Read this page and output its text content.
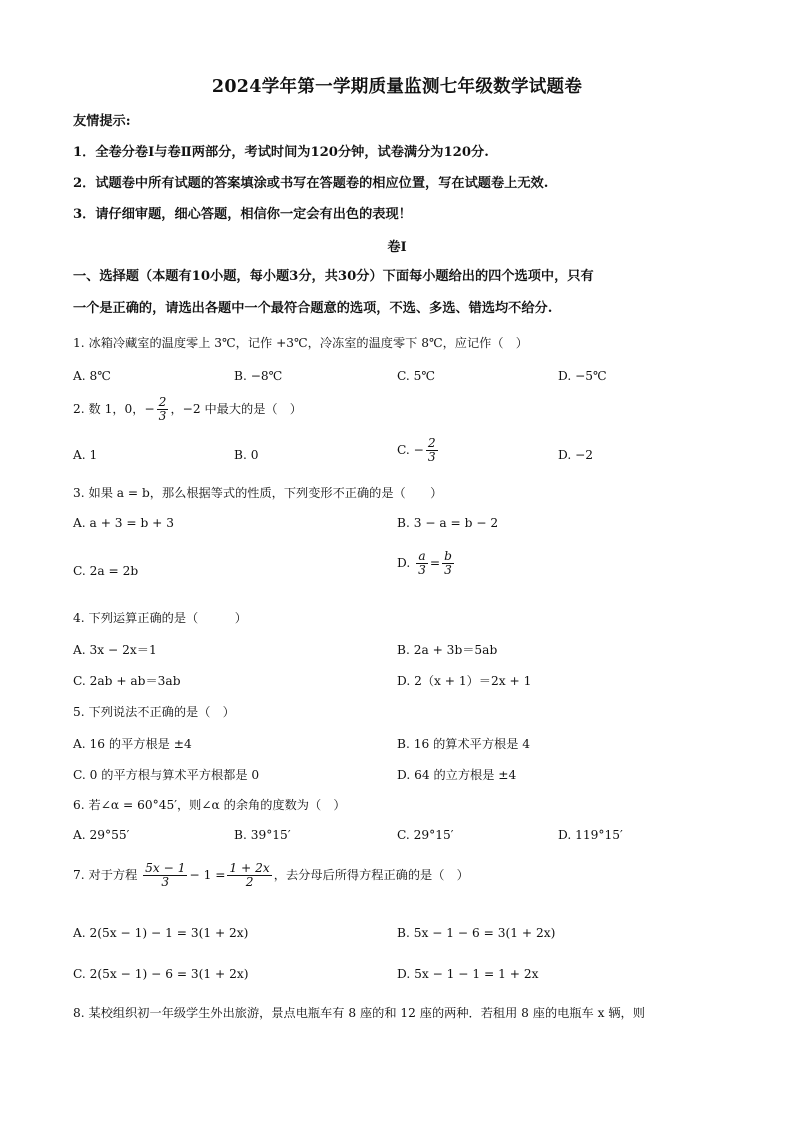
2024学年第一学期质量监测七年级数学试题卷
友情提示:
1．全卷分卷Ⅰ与卷Ⅱ两部分，考试时间为120分钟，试卷满分为120分.
2．试题卷中所有试题的答案填涂或书写在答题卷的相应位置，写在试题卷上无效.
3．请仔细审题，细心答题，相信你一定会有出色的表现！
卷Ⅰ
一、选择题（本题有10小题，每小题3分，共30分）下面每小题给出的四个选项中，只有
一个是正确的，请选出各题中一个最符合题意的选项，不选、多选、错选均不给分.
1. 冰箱冷藏室的温度零上 3℃，记作 +3℃，冷冻室的温度零下 8℃，应记作（　）
A. 8℃	B. −8℃	C. 5℃	D. −5℃
2. 数 1，0，− $\frac{2}{3}$ ，−2 中最大的是（　）
A. 1	B. 0	C. − $\frac{2}{3}$	D. −2
3. 如果 a = b，那么根据等式的性质，下列变形不正确的是（　　）
A. a + 3 = b + 3	B. 3 − a = b − 2
C. 2a = 2b
D. $\frac{a}{3} = \frac{b}{3}$
4. 下列运算正确的是（　　　）
A. 3x − 2x＝1	B. 2a + 3b＝5ab
C. 2ab + ab＝3ab	D. 2（x + 1）＝2x + 1
5. 下列说法不正确的是（　）
A. 16 的平方根是 ±4	B. 16 的算术平方根是 4
C. 0 的平方根与算术平方根都是 0	D. 64 的立方根是 ±4
6. 若∠α = 60°45′，则∠α 的余角的度数为（　）
A. 29°55′	B. 39°15′	C. 29°15′	D. 119°15′
7. 对于方程 $\frac{5x - 1}{3} - 1 = \frac{1 + 2x}{2}$ ，去分母后所得方程正确的是（　）
A. 2(5x − 1) − 1 = 3(1 + 2x)	B. 5x − 1 − 6 = 3(1 + 2x)
C. 2(5x − 1) − 6 = 3(1 + 2x)	D. 5x − 1 − 1 = 1 + 2x
8. 某校组织初一年级学生外出旅游，景点电瓶车有 8 座的和 12 座的两种．若租用 8 座的电瓶车 x 辆，则
